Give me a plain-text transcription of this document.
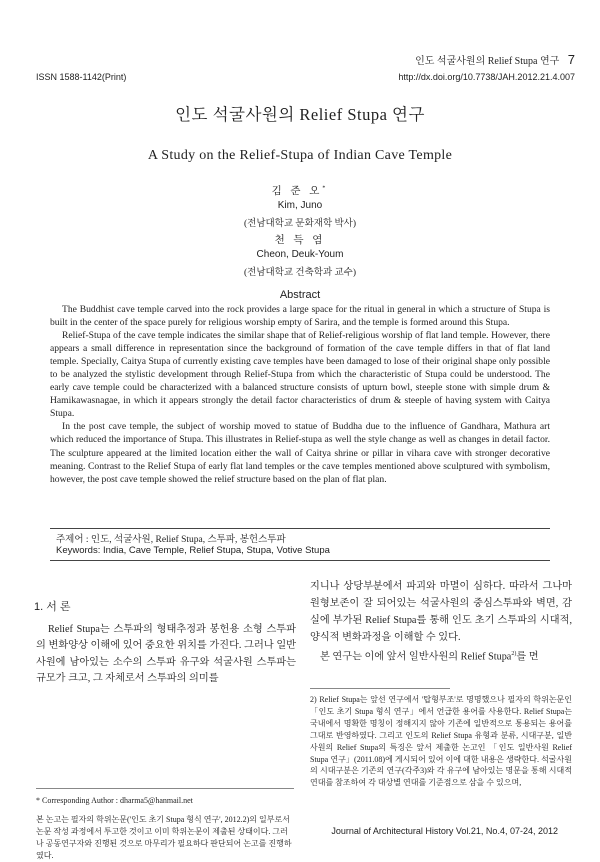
인도 석굴사원의 Relief Stupa 연구 7
ISSN 1588-1142(Print)	http://dx.doi.org/10.7738/JAH.2012.21.4.007
인도 석굴사원의 Relief Stupa 연구
A Study on the Relief-Stupa of Indian Cave Temple
김 준 오*
Kim, Juno
(전남대학교 문화재학 박사)
천 득 염
Cheon, Deuk-Youm
(전남대학교 건축학과 교수)
Abstract

The Buddhist cave temple carved into the rock provides a large space for the ritual in general in which a structure of Stupa is built in the center of the space purely for religious worship empty of Sarira, and the temple is formed around this Stupa.

Relief-Stupa of the cave temple indicates the similar shape that of Relief-religious worship of flat land temple. However, there appears a small difference in representation since the background of formation of the cave temple differs in that of flat land temple. Specially, Caitya Stupa of currently existing cave temples have been damaged to lose of their original shape only possible to be analyzed the stylistic development through Relief-Stupa from which the characteristic of Stupa could be understood. The early cave temple could be characterized with a balanced structure consists of upturn bowl, steeple stone with simple drum & Hamikawasnagae, in which it appears strongly the detail factor characteristics of drum & steeple of having system with Caitya Stupa.

In the post cave temple, the subject of worship moved to statue of Buddha due to the influence of Gandhara, Mathura art which reduced the importance of Stupa. This illustrates in Relief-stupa as well the style change as well as changes in detail factor. The sculpture appeared at the limited location either the wall of Caitya shrine or pillar in vihara cave with stronger decorative meaning. Contrast to the Relief Stupa of early flat land temples or the cave temples mentioned above sculptured with symbolism, however, the post cave temple showed the relief structure based on the plan of flat plan.

주제어 : 인도, 석굴사원, Relief Stupa, 스투파, 봉헌스투파
Keywords: India, Cave Temple, Relief Stupa, Stupa, Votive Stupa
1. 서 론

Relief Stupa는 스투파의 형태추정과 봉헌용 소형 스투파의 변화양상 이해에 있어 중요한 위치를 가진다. 그러나 일반사원에 남아있는 소수의 스투파 유구와 석굴사원 스투파는 규모가 크고, 그 자체로서 스투파의 의미를

지니나 상당부분에서 파괴와 마멸이 심하다. 따라서 그나마 원형보존이 잘 되어있는 석굴사원의 중심스투파와 벽면, 감실에 부가된 Relief Stupa를 통해 인도 초기 스투파의 시대적, 양식적 변화과정을 이해할 수 있다.

본 연구는 이에 앞서 일반사원의 Relief Stupa$^{2)}$를 면

* Corresponding Author : dharma5@hanmail.net
본 논고는 필자의 학위논문('인도 초기 Stupa 형식 연구', 2012.2)의 일부로서 논문 작성 과정에서 투고한 것이고 이미 학위논문이 제출된 상태이다. 그러나 공동연구자와 진행된 것으로 마무리가 필요하다 판단되어 논고를 진행하였다.
2) Relief Stupa는 앞선 연구에서 '탑형부조'로 명명했으나 필자의 학위논문인 「인도 초기 Stupa 형식 연구」에서 언급한 용어를 사용한다. Relief Stupa는 국내에서 명확한 명칭이 정해지지 않아 기존에 일반적으로 통용되는 용어를 그대로 반영하였다. 그리고 인도의 Relief Stupa 유형과 분류, 시대구분, 일반사원의 Relief Stupa의 특징은 앞서 제출한 논고인 「인도 일반사원 Relief Stupa 연구」(2011.08)에 게시되어 있어 이에 대한 내용은 생략한다. 석굴사원의 시대구분은 기존의 연구(각주3)와 각 유구에 남아있는 명문을 통해 시대적 연대를 참조하여 각 대상별 연대를 기준점으로 삼을 수 있으며,
Journal of Architectural History Vol.21, No.4, 07-24, 2012
